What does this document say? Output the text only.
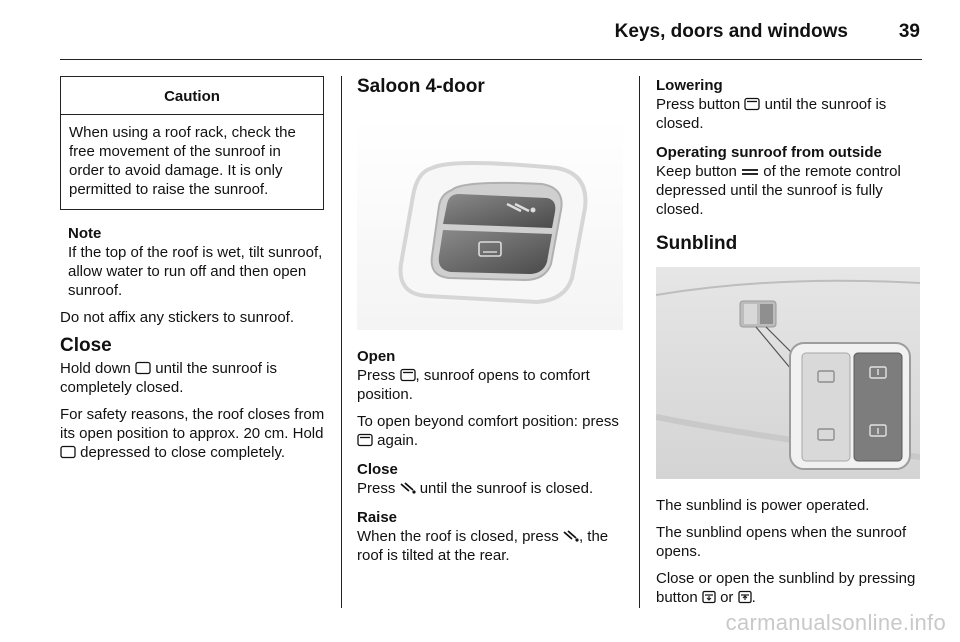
Keys, doors and windows	39
Caution
When using a roof rack, check the free movement of the sunroof in order to avoid damage. It is only permitted to raise the sunroof.
Note
If the top of the roof is wet, tilt sunroof, allow water to run off and then open sunroof.

Do not affix any stickers to sunroof.

Close

Hold down until the sunroof is completely closed.

For safety reasons, the roof closes from its open position to approx. 20 cm. Hold  depressed to close completely.

Saloon 4-door
Open

Press , sunroof opens to comfort position.

To open beyond comfort position: press  again.

Close

Press until the sunroof is closed.

Raise

When the roof is closed, press , the roof is tilted at the rear.

Lowering

Press button until the sunroof is closed.

Operating sunroof from outside

Keep button of the remote control depressed until the sunroof is fully closed.

Sunblind

The sunblind is power operated.

The sunblind opens when the sunroof opens.

Close or open the sunblind by pressing button or .

carmanualsonline.info
